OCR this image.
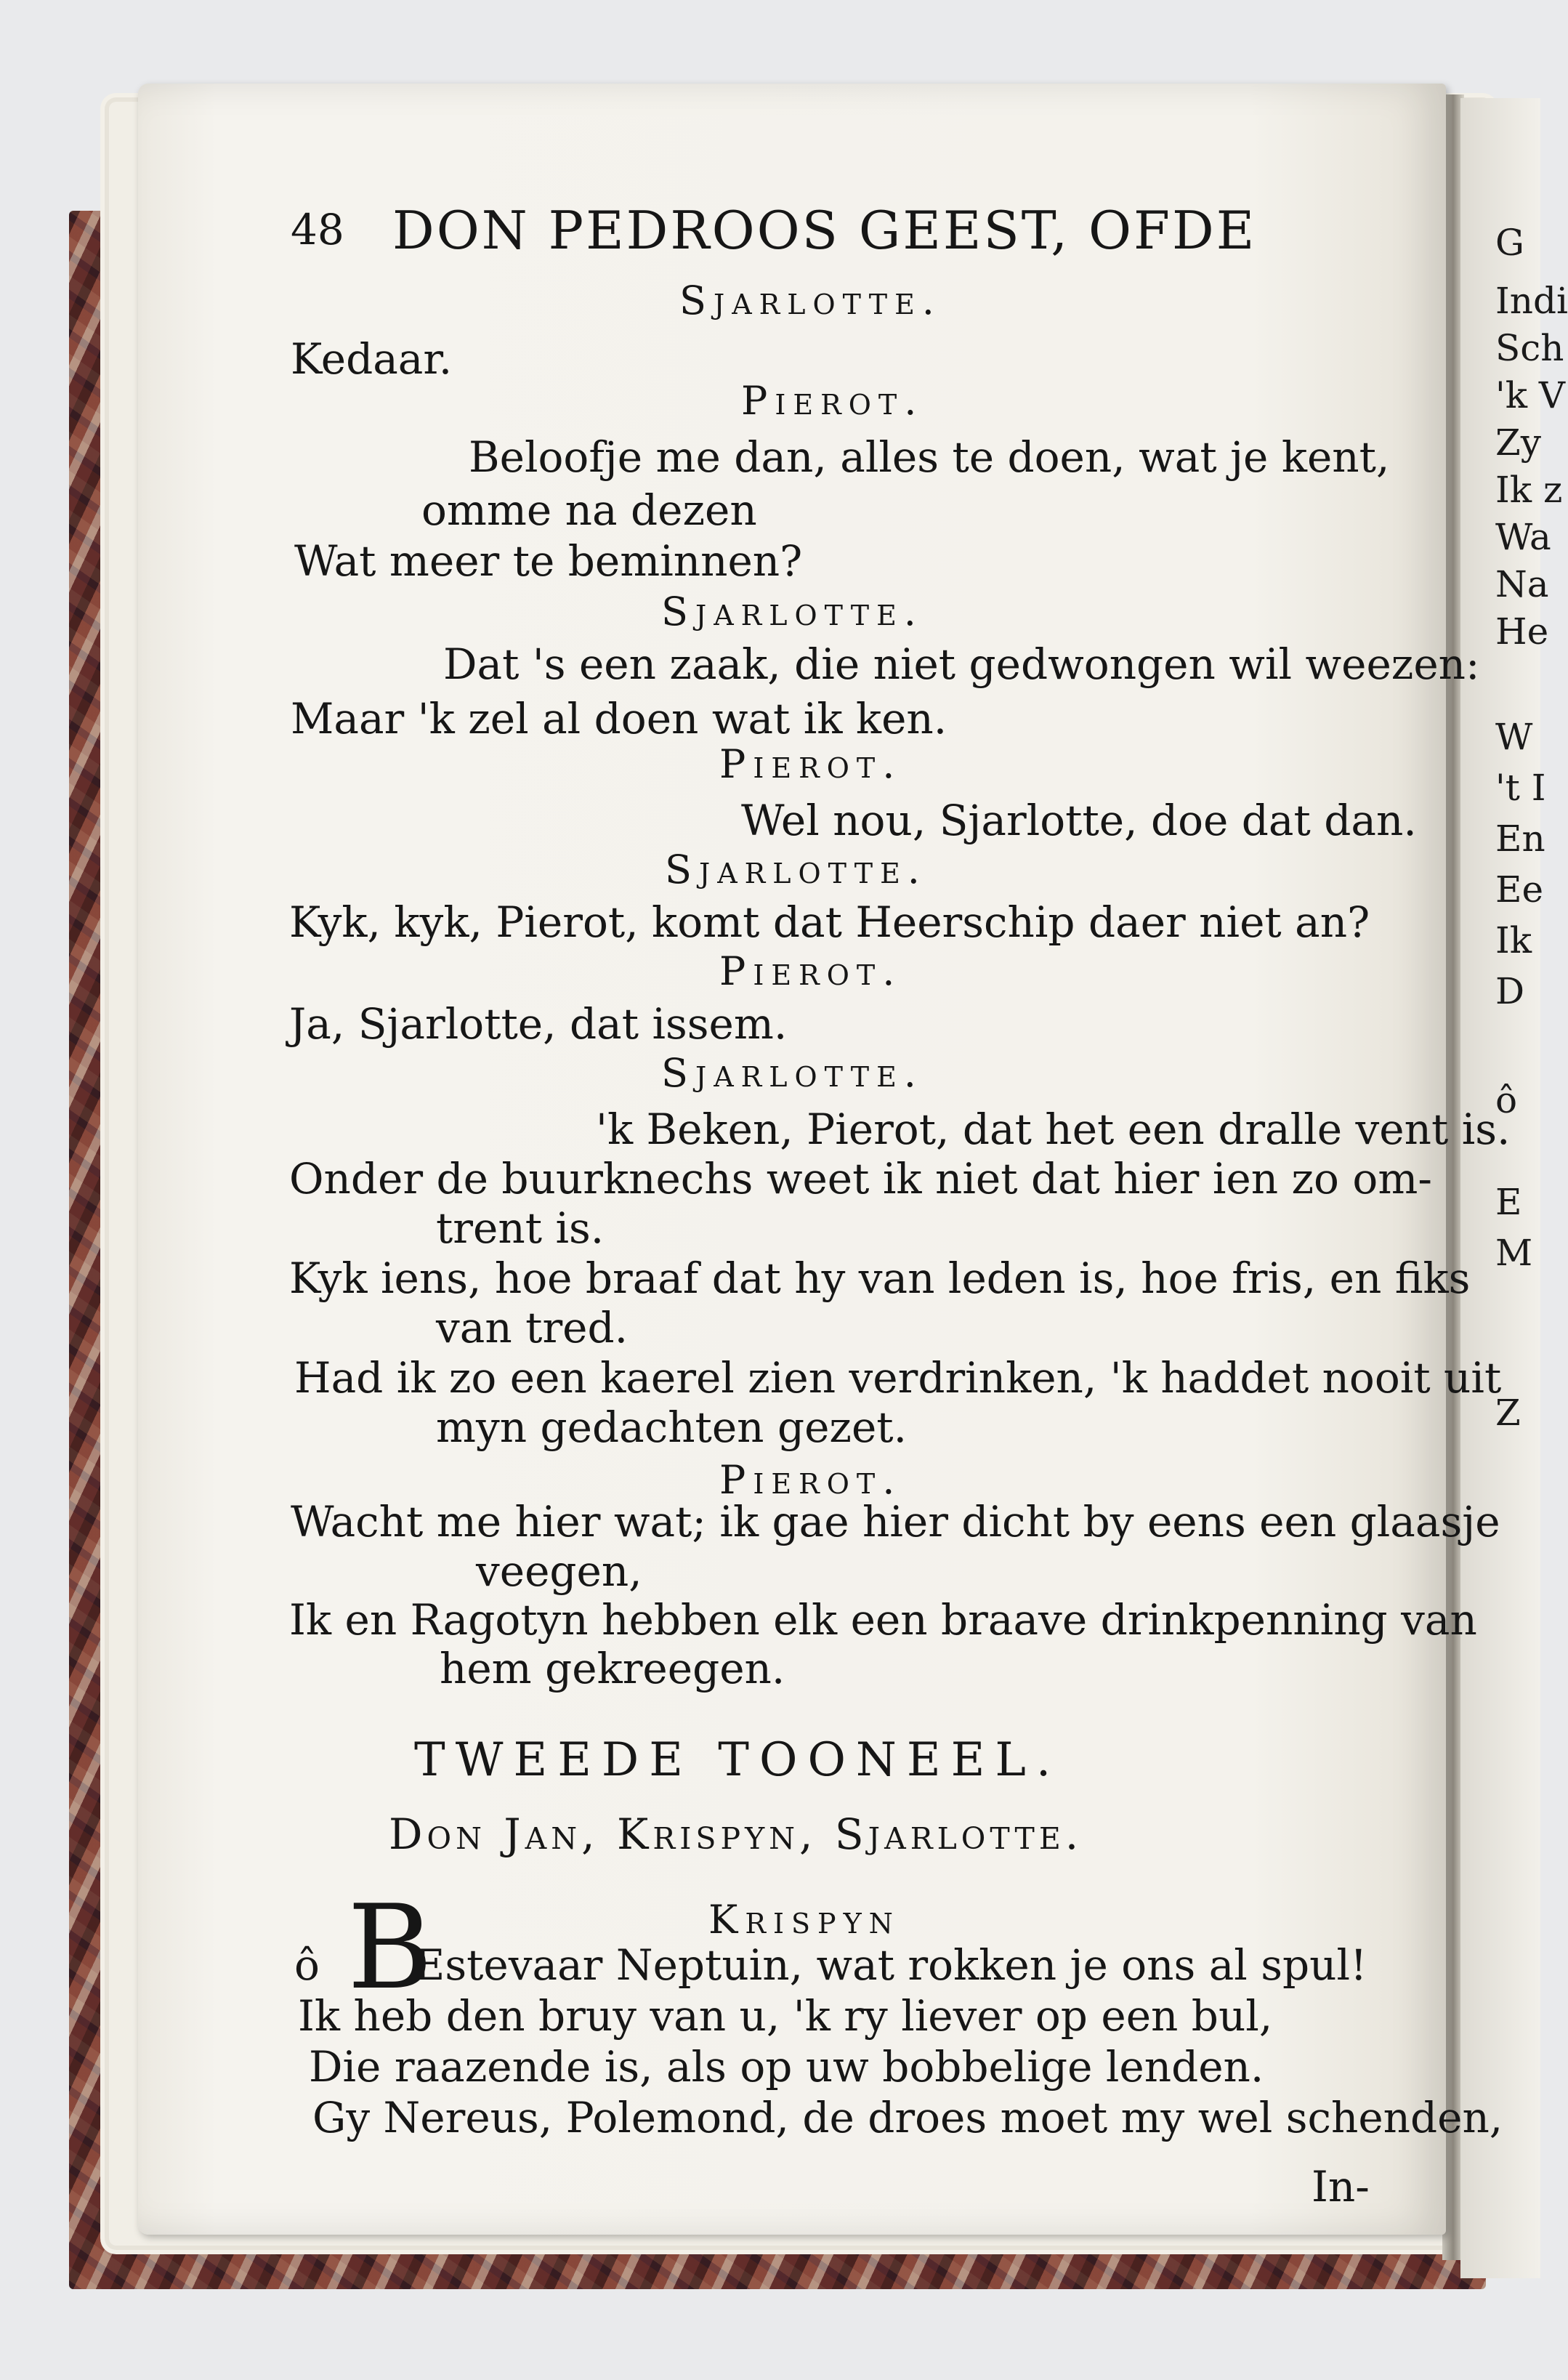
G
Indi
Sch
'k V
Zy
Ik z
Wa
Na
He
W
't I
En
Ee
Ik
D
ô
E
M
Z
48 DON PEDROOS GEEST, OFDE
Sjarlotte.
Kedaar.
Pierot.
Beloofje me dan, alles te doen, wat je kent,
omme na dezen
Wat meer te beminnen?
Sjarlotte.
Dat 's een zaak, die niet gedwongen wil weezen:
Maar 'k zel al doen wat ik ken.
Pierot.
Wel nou, Sjarlotte, doe dat dan.
Sjarlotte.
Kyk, kyk, Pierot, komt dat Heerschip daer niet an?
Pierot.
Ja, Sjarlotte, dat issem.
Sjarlotte.
'k Beken, Pierot, dat het een dralle vent is.
Onder de buurknechs weet ik niet dat hier ien zo om-
trent is.
Kyk iens, hoe braaf dat hy van leden is, hoe fris, en fiks
van tred.
Had ik zo een kaerel zien verdrinken, 'k haddet nooit uit
myn gedachten gezet.
Pierot.
Wacht me hier wat; ik gae hier dicht by eens een glaasje
veegen,
Ik en Ragotyn hebben elk een braave drinkpenning van
hem gekreegen.
TWEEDE TOONEEL.
Don Jan, Krispyn, Sjarlotte.
Krispyn
ô B
Estevaar Neptuin, wat rokken je ons al spul!
Ik heb den bruy van u, 'k ry liever op een bul,
Die raazende is, als op uw bobbelige lenden.
Gy Nereus, Polemond, de droes moet my wel schenden,
In-
